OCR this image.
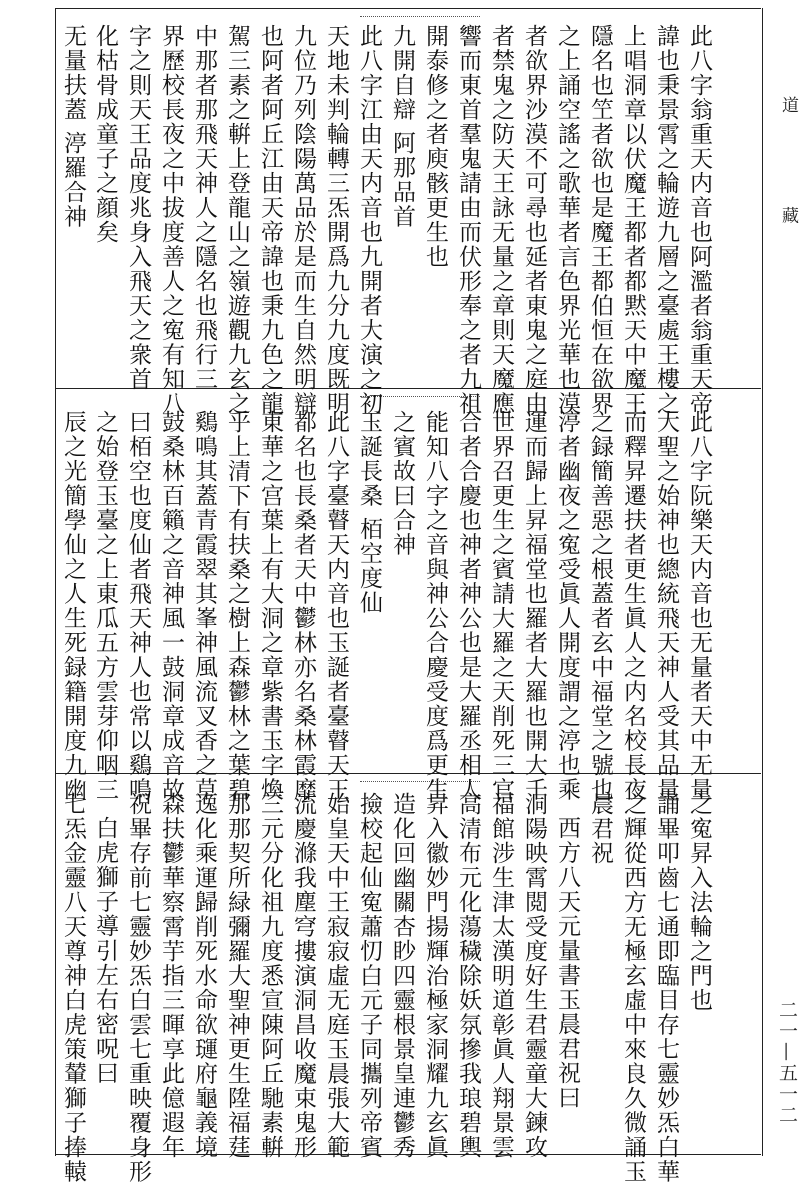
道 藏
二一—五一二
此八字翁重天内音也阿濫者翁重天帝
諱也秉景霄之輪遊九層之臺處王樓之
上唱洞章以伏魔王都者都黙天中魔王
隱名也笁者欲也是魔王都伯恒在欲界
之上誦空謠之歌華者言色界光華也漠
者欲界沙漠不可尋也延者東鬼之庭由
者禁鬼之防天王詠无量之章則天魔應
響而東首羣鬼請由而伏形奉之者九祖
開泰修之者庾骸更生也
九開自辯 阿那品首
此八字江由天内音也九開者大演之初
天地未判輪轉三炁開爲九分九度既明
九位乃列陰陽萬品於是而生自然明辯
也阿者阿丘江由天帝諱也秉九色之龍
駕三素之輧上登龍山之嶺遊觀九玄之
中那者那飛天神人之隱名也飛行三
界歷校長夜之中拔度善人之寃有知八
字之則天王品度兆身入飛天之衆首
化枯骨成童子之顔矣
无量扶蓋 渟羅合神
此八字阮樂天内音也无量者天中无量
大聖之始神也總統飛天神人受其品量
而釋昇遷扶者更生眞人之内名校長夜
之録簡善惡之根蓋者玄中福堂之號也
渟者幽夜之寃受眞人開度謂之渟也乘
運而歸上昇福堂也羅者大羅也開大千
世界召更生之賓請大羅之天削死三官
合者合慶也神者神公也是大羅丞相人
能知八字之音與神公合慶受度爲更生
之賓故曰合神
玉誕長桑 栢空度仙
此八字臺瞽天内音也玉誕者臺瞽天王
都名也長桑者天中鬱林亦名桑林霞靡
東華之宫葉上有大洞之章紫書玉字煥
乎上清下有扶桑之樹上森鬱林之葉碧
鷄鳴其蓋青霞翠其峯神風流叉香之草
鼓桑林百籟之音神風一鼓洞章成音故
曰栢空也度仙者飛天神人也常以鷄鳴
之始登玉臺之上東瓜五方雲芽仰咽三
辰之光簡學仙之人生死録籍開度九幽
之寃昇入法輪之門也
誦畢叩齒七通即臨目存七靈妙炁白華
之輝從西方无極玄虛中來良久微誦玉
晨君祝
西方八天元量書玉晨君祝曰
洞陽映霄閲受度好生君靈童大鍊攻
福館涉生津太漢明道彰眞人翔景雲
高清布元化蕩穢除妖氛摻我琅碧輿
昇入徽妙門揚輝治極家洞耀九玄眞
造化回幽關杏眇四靈根景皇連鬱秀
撿校起仙寃蕭忉白元子同攜列帝賓
始皇天中王寂寂虛无庭玉晨張大範
流慶滌我塵穹摟演洞昌收魔束鬼形
三元分化祖九度悉宣陳阿丘馳素輧
那那契所緑彌羅大聖神更生陞福莛
逸化乘運歸削死水命欲璭府龜義境
森扶鬱華察霄芋指三暉享此億遐年
祝畢存前七靈妙炁白雲七重映覆身形
白虎獅子導引左右密呪曰
七炁金靈八天尊神白虎策輦獅子捧轅
